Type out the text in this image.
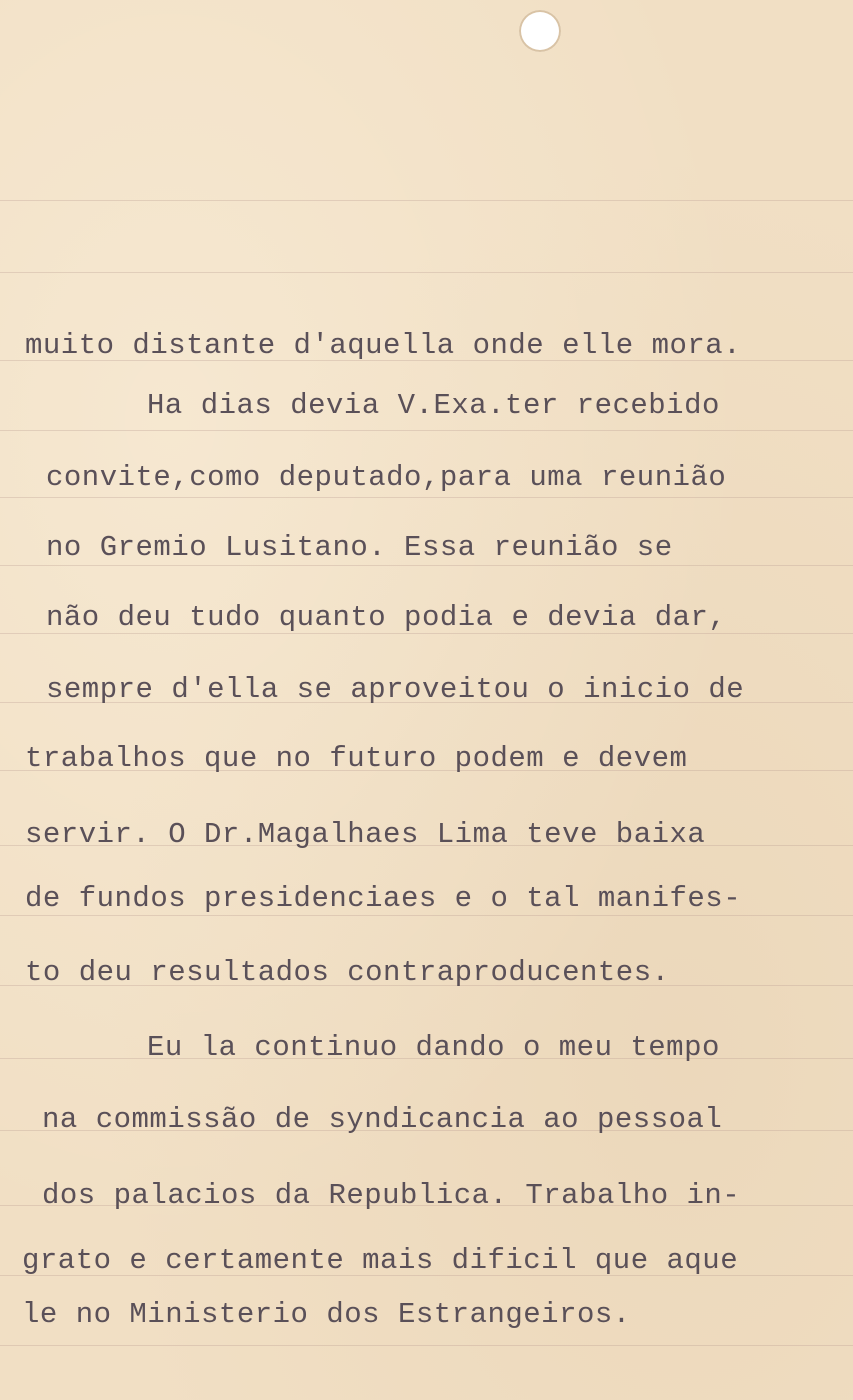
muito distante d'aquella onde elle mora.

Ha dias devia V.Exa.ter recebido

convite,como deputado,para uma reunião

no Gremio Lusitano. Essa reunião se

não deu tudo quanto podia e devia dar,

sempre d'ella se aproveitou o inicio de

trabalhos que no futuro podem e devem

servir. O Dr.Magalhaes Lima teve baixa

de fundos presidenciaes e o tal manifes-

to deu resultados contraproducentes.

Eu la continuo dando o meu tempo

na commissão de syndicancia ao pessoal

dos palacios da Republica. Trabalho in-

grato e certamente mais dificil que aque

le no Ministerio dos Estrangeiros.
